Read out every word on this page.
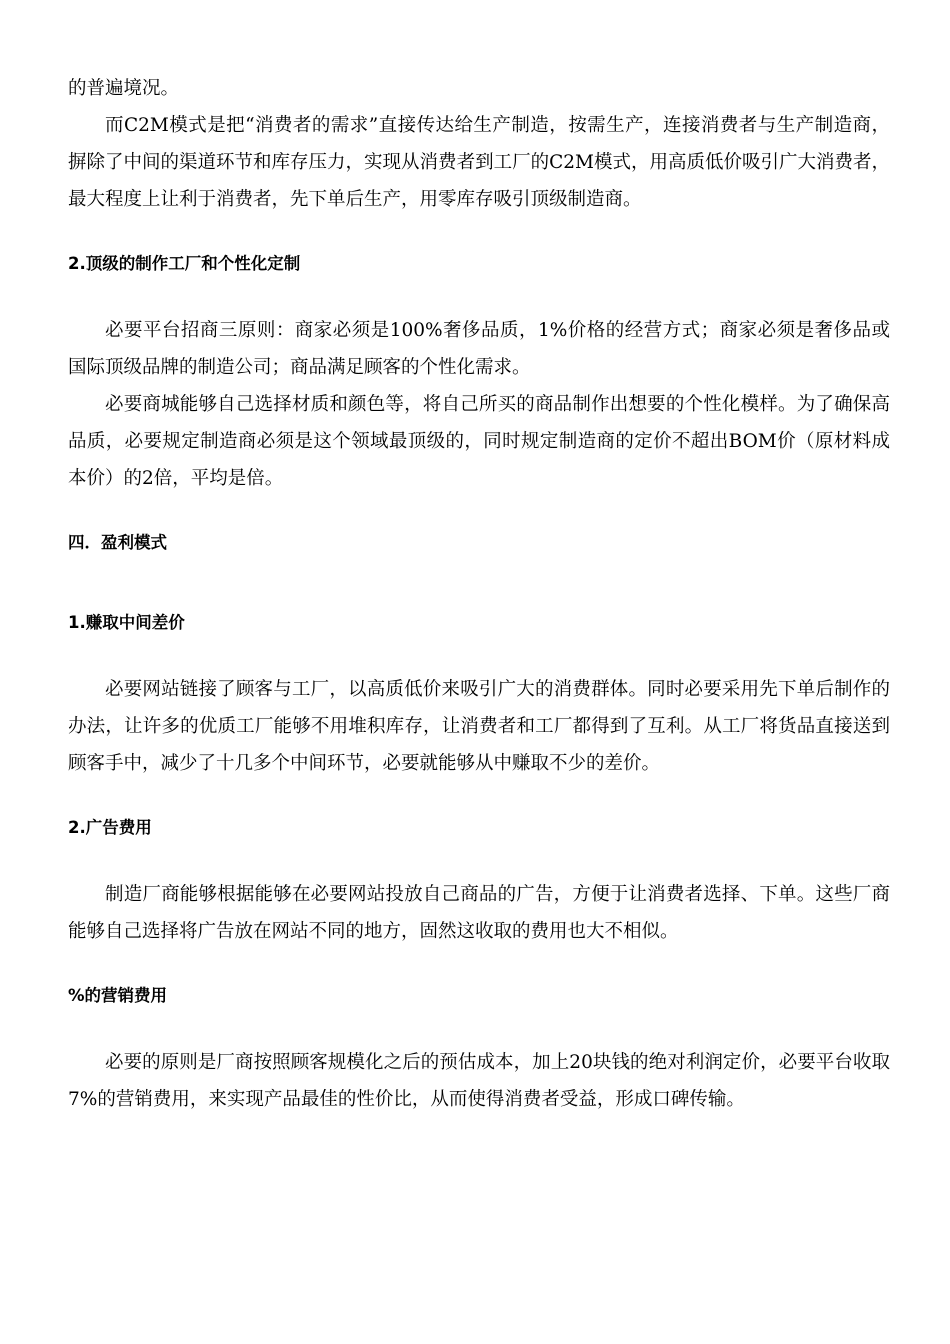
的普遍境况。

而C2M模式是把“消费者的需求”直接传达给生产制造，按需生产，连接消费者与生产制造商，摒除了中间的渠道环节和库存压力，实现从消费者到工厂的C2M模式，用高质低价吸引广大消费者，最大程度上让利于消费者，先下单后生产，用零库存吸引顶级制造商。

2.顶级的制作工厂和个性化定制

必要平台招商三原则：商家必须是100%奢侈品质，1%价格的经营方式；商家必须是奢侈品或国际顶级品牌的制造公司；商品满足顾客的个性化需求。

必要商城能够自己选择材质和颜色等，将自己所买的商品制作出想要的个性化模样。为了确保高品质，必要规定制造商必须是这个领域最顶级的，同时规定制造商的定价不超出BOM价（原材料成本价）的2倍，平均是倍。

四．盈利模式

1.赚取中间差价

必要网站链接了顾客与工厂，以高质低价来吸引广大的消费群体。同时必要采用先下单后制作的办法，让许多的优质工厂能够不用堆积库存，让消费者和工厂都得到了互利。从工厂将货品直接送到顾客手中，减少了十几多个中间环节，必要就能够从中赚取不少的差价。

2.广告费用

制造厂商能够根据能够在必要网站投放自己商品的广告，方便于让消费者选择、下单。这些厂商能够自己选择将广告放在网站不同的地方，固然这收取的费用也大不相似。

%的营销费用

必要的原则是厂商按照顾客规模化之后的预估成本，加上20块钱的绝对利润定价，必要平台收取7%的营销费用，来实现产品最佳的性价比，从而使得消费者受益，形成口碑传输。
